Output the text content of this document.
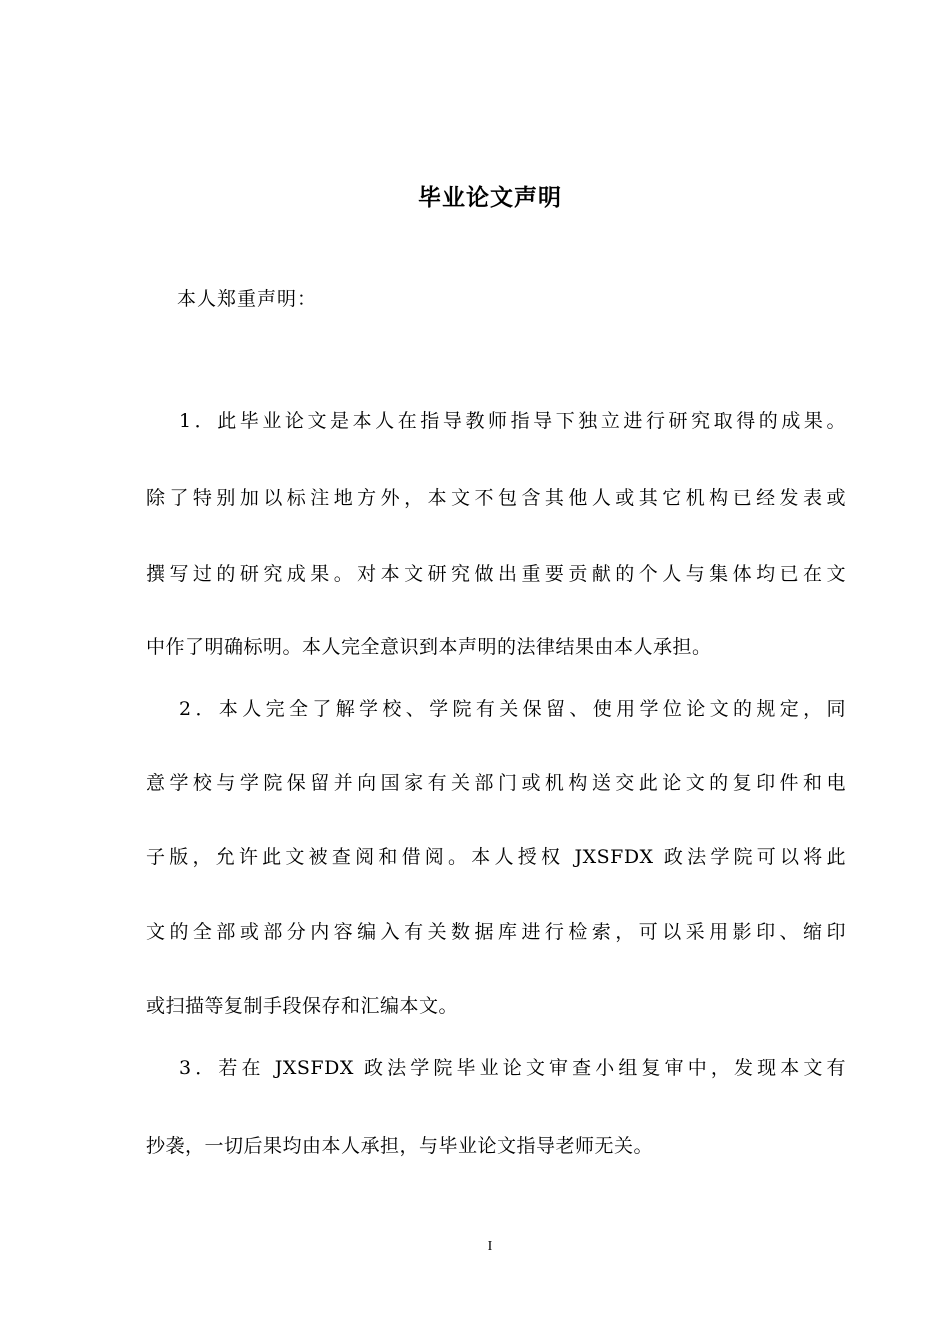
毕业论文声明
本人郑重声明：
1．此毕业论文是本人在指导教师指导下独立进行研究取得的成果。
除了特别加以标注地方外，本文不包含其他人或其它机构已经发表或
撰写过的研究成果。对本文研究做出重要贡献的个人与集体均已在文
中作了明确标明。本人完全意识到本声明的法律结果由本人承担。
2．本人完全了解学校、学院有关保留、使用学位论文的规定，同
意学校与学院保留并向国家有关部门或机构送交此论文的复印件和电
子版，允许此文被查阅和借阅。本人授权 JXSFDX 政法学院可以将此
文的全部或部分内容编入有关数据库进行检索，可以采用影印、缩印
或扫描等复制手段保存和汇编本文。
3．若在 JXSFDX 政法学院毕业论文审查小组复审中，发现本文有
抄袭，一切后果均由本人承担，与毕业论文指导老师无关。
I
